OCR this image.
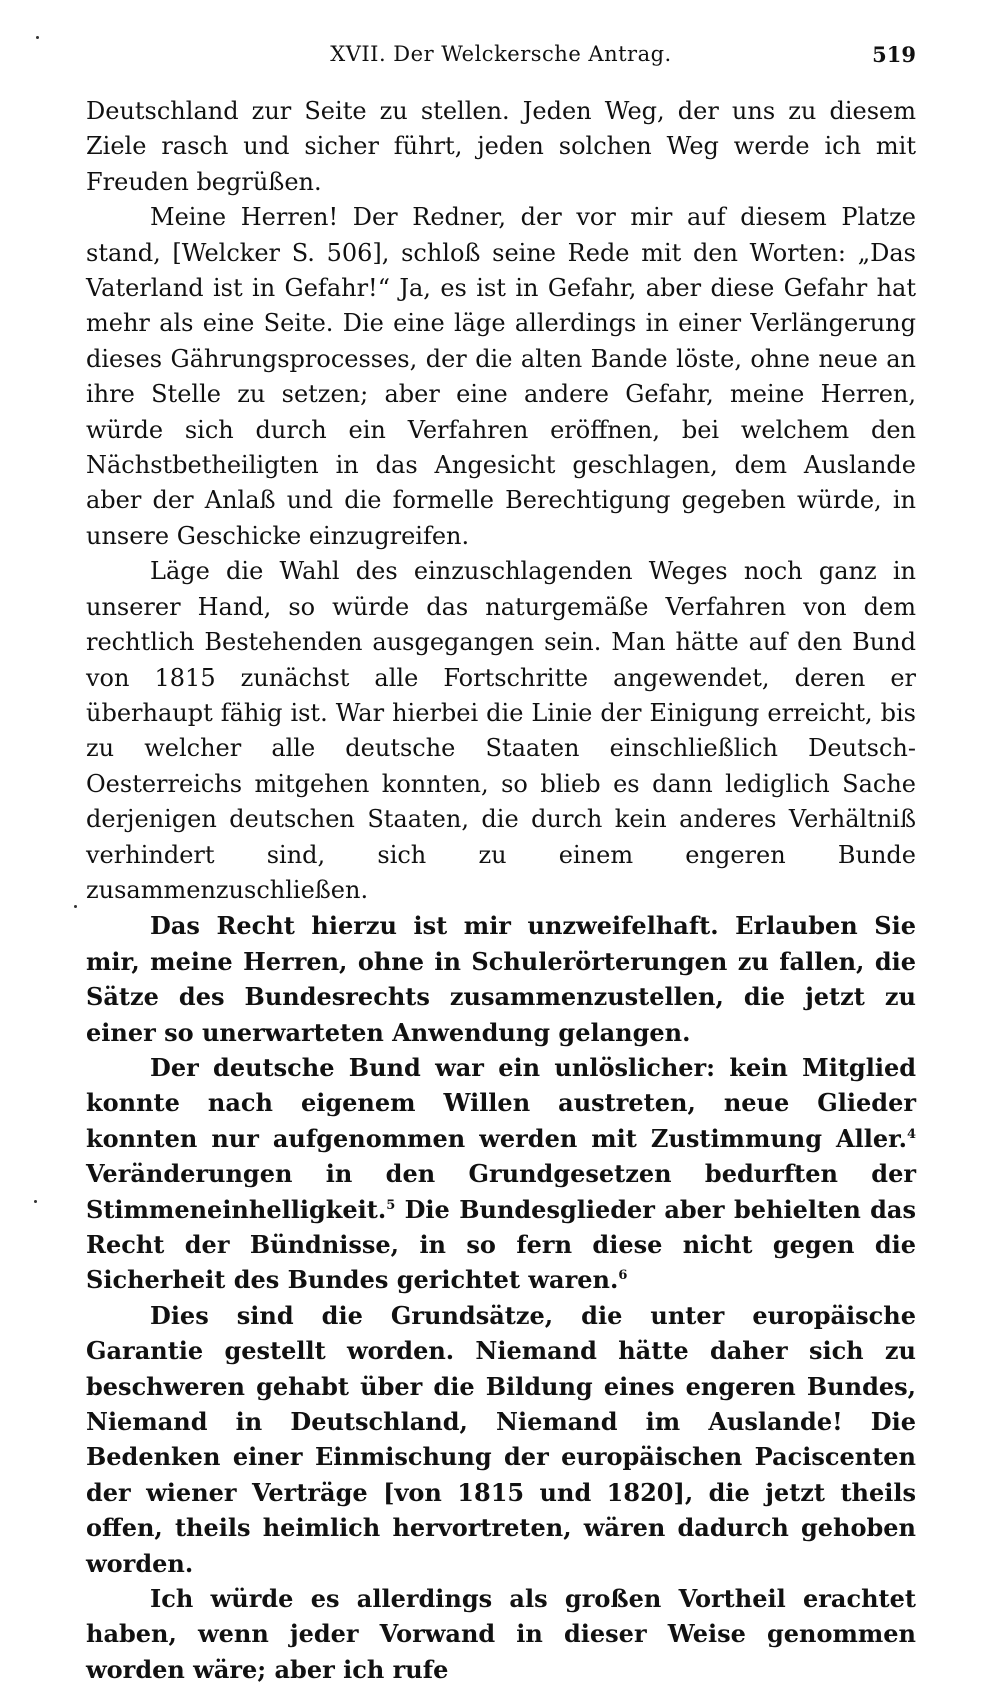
XVII. Der Welckersche Antrag.	519

Deutschland zur Seite zu stellen. Jeden Weg, der uns zu diesem Ziele rasch und sicher führt, jeden solchen Weg werde ich mit Freuden begrüßen.

Meine Herren! Der Redner, der vor mir auf diesem Platze stand, [Welcker S. 506], schloß seine Rede mit den Worten: „Das Vaterland ist in Gefahr!“ Ja, es ist in Gefahr, aber diese Gefahr hat mehr als eine Seite. Die eine läge allerdings in einer Verlängerung dieses Gährungsprocesses, der die alten Bande löste, ohne neue an ihre Stelle zu setzen; aber eine andere Gefahr, meine Herren, würde sich durch ein Verfahren eröffnen, bei welchem den Nächstbetheiligten in das Angesicht geschlagen, dem Auslande aber der Anlaß und die formelle Berechtigung gegeben würde, in unsere Geschicke einzugreifen.

Läge die Wahl des einzuschlagenden Weges noch ganz in unserer Hand, so würde das naturgemäße Verfahren von dem rechtlich Bestehenden ausgegangen sein. Man hätte auf den Bund von 1815 zunächst alle Fortschritte angewendet, deren er überhaupt fähig ist. War hierbei die Linie der Einigung erreicht, bis zu welcher alle deutsche Staaten einschließlich Deutsch-Oesterreichs mitgehen konnten, so blieb es dann lediglich Sache derjenigen deutschen Staaten, die durch kein anderes Verhältniß verhindert sind, sich zu einem engeren Bunde zusammenzuschließen.

Das Recht hierzu ist mir unzweifelhaft. Erlauben Sie mir, meine Herren, ohne in Schulerörterungen zu fallen, die Sätze des Bundesrechts zusammenzustellen, die jetzt zu einer so unerwarteten Anwendung gelangen.

Der deutsche Bund war ein unlöslicher: kein Mitglied konnte nach eigenem Willen austreten, neue Glieder konnten nur aufgenommen werden mit Zustimmung Aller.$^4$ Veränderungen in den Grundgesetzen bedurften der Stimmeneinhelligkeit.$^5$ Die Bundesglieder aber behielten das Recht der Bündnisse, in so fern diese nicht gegen die Sicherheit des Bundes gerichtet waren.$^6$

Dies sind die Grundsätze, die unter europäische Garantie gestellt worden. Niemand hätte daher sich zu beschweren gehabt über die Bildung eines engeren Bundes, Niemand in Deutschland, Niemand im Auslande! Die Bedenken einer Einmischung der europäischen Paciscenten der wiener Verträge [von 1815 und 1820], die jetzt theils offen, theils heimlich hervortreten, wären dadurch gehoben worden.

Ich würde es allerdings als großen Vortheil erachtet haben, wenn jeder Vorwand in dieser Weise genommen worden wäre; aber ich rufe
